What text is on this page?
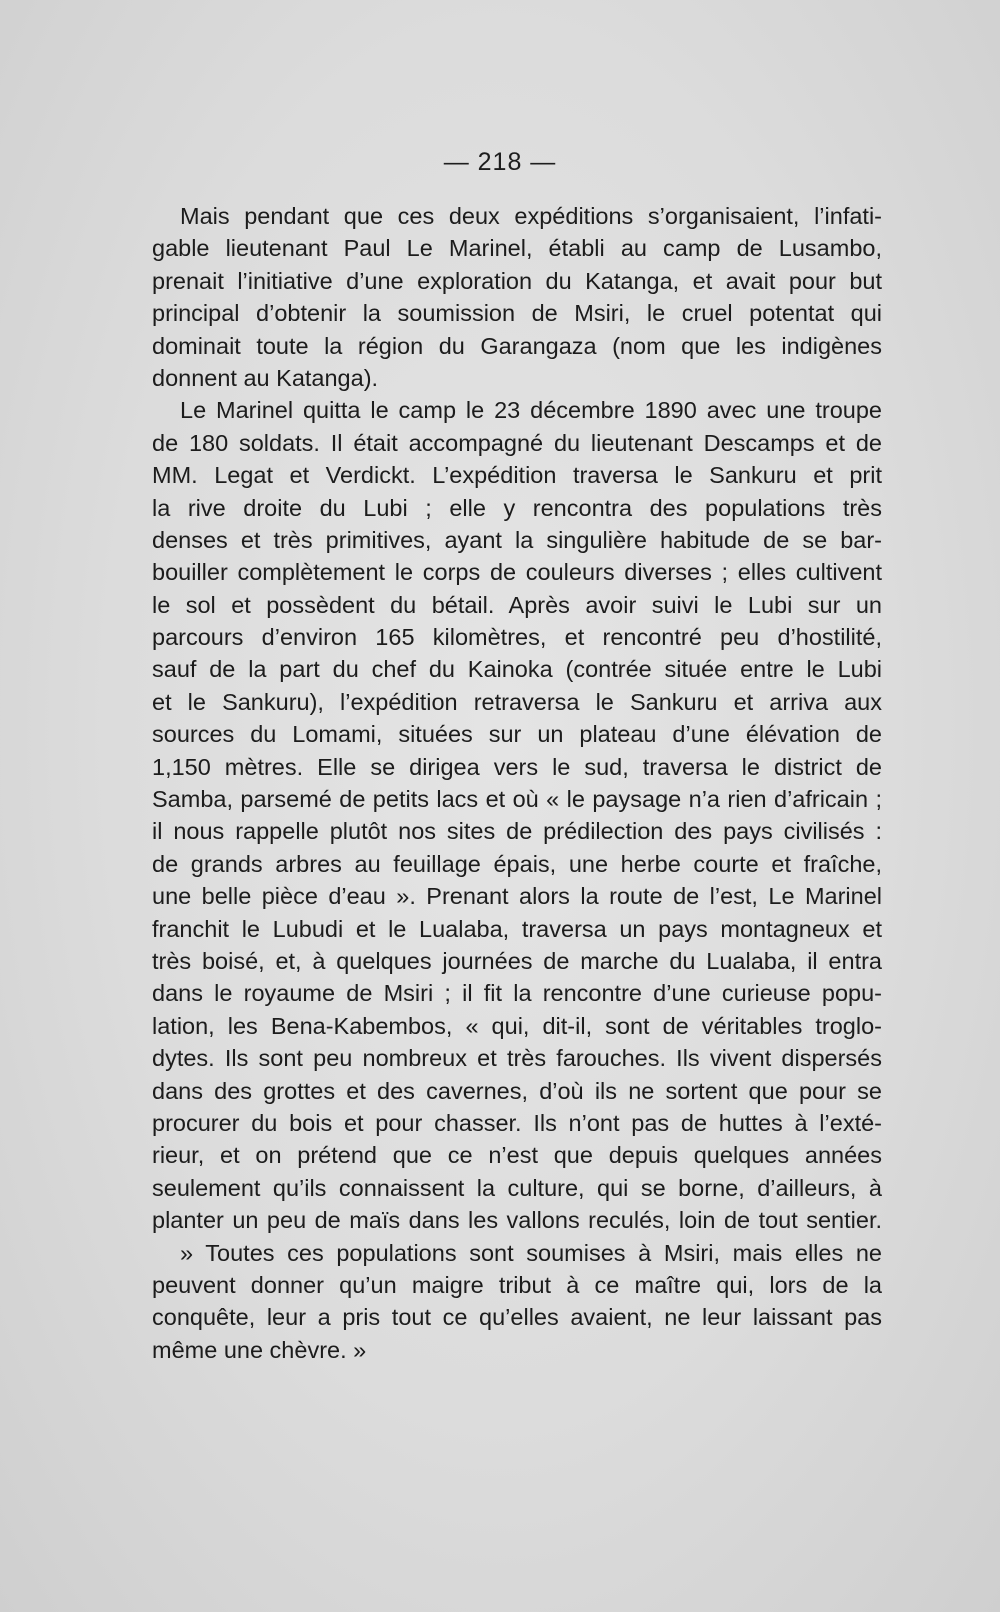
— 218 —
Mais pendant que ces deux expéditions s’organisaient, l’infati-
gable lieutenant Paul Le Marinel, établi au camp de Lusambo,
prenait l’initiative d’une exploration du Katanga, et avait pour but
principal d’obtenir la soumission de Msiri, le cruel potentat qui
dominait toute la région du Garangaza (nom que les indigènes
donnent au Katanga).
Le Marinel quitta le camp le 23 décembre 1890 avec une troupe
de 180 soldats. Il était accompagné du lieutenant Descamps et de
MM. Legat et Verdickt. L’expédition traversa le Sankuru et prit
la rive droite du Lubi ; elle y rencontra des populations très
denses et très primitives, ayant la singulière habitude de se bar-
bouiller complètement le corps de couleurs diverses ; elles cultivent
le sol et possèdent du bétail. Après avoir suivi le Lubi sur un
parcours d’environ 165 kilomètres, et rencontré peu d’hostilité,
sauf de la part du chef du Kainoka (contrée située entre le Lubi
et le Sankuru), l’expédition retraversa le Sankuru et arriva aux
sources du Lomami, situées sur un plateau d’une élévation de
1,150 mètres. Elle se dirigea vers le sud, traversa le district de
Samba, parsemé de petits lacs et où « le paysage n’a rien d’africain ;
il nous rappelle plutôt nos sites de prédilection des pays civilisés :
de grands arbres au feuillage épais, une herbe courte et fraîche,
une belle pièce d’eau ». Prenant alors la route de l’est, Le Marinel
franchit le Lubudi et le Lualaba, traversa un pays montagneux et
très boisé, et, à quelques journées de marche du Lualaba, il entra
dans le royaume de Msiri ; il fit la rencontre d’une curieuse popu-
lation, les Bena-Kabembos, « qui, dit-il, sont de véritables troglo-
dytes. Ils sont peu nombreux et très farouches. Ils vivent dispersés
dans des grottes et des cavernes, d’où ils ne sortent que pour se
procurer du bois et pour chasser. Ils n’ont pas de huttes à l’exté-
rieur, et on prétend que ce n’est que depuis quelques années
seulement qu’ils connaissent la culture, qui se borne, d’ailleurs, à
planter un peu de maïs dans les vallons reculés, loin de tout sentier.
» Toutes ces populations sont soumises à Msiri, mais elles ne
peuvent donner qu’un maigre tribut à ce maître qui, lors de la
conquête, leur a pris tout ce qu’elles avaient, ne leur laissant pas
même une chèvre. »
